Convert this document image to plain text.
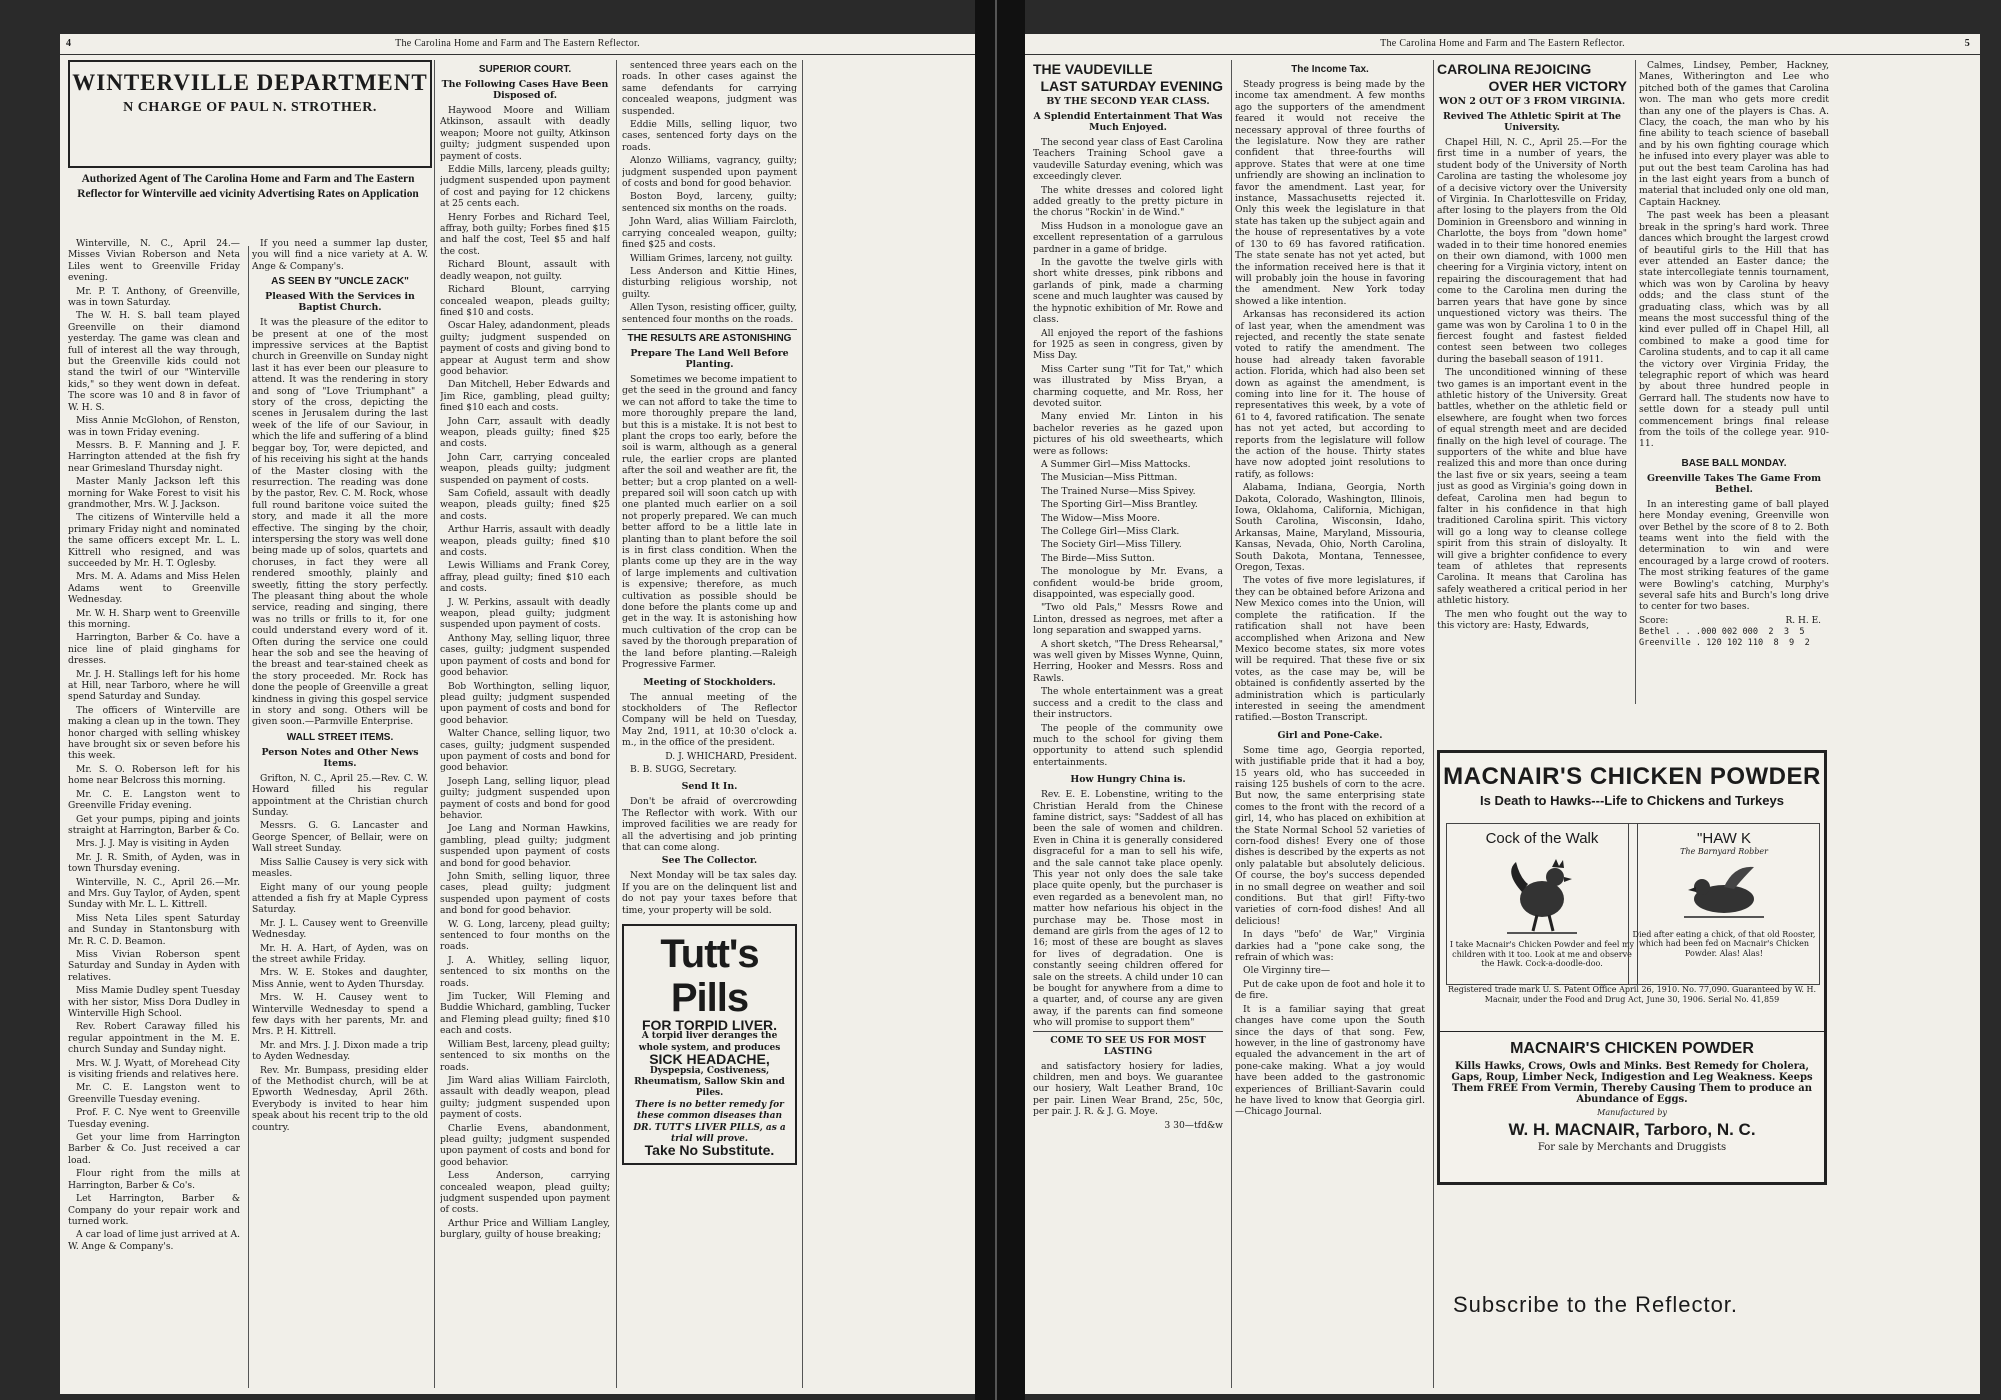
4	The Carolina Home and Farm and The Eastern Reflector.
WINTERVILLE DEPARTMENT
N CHARGE OF PAUL N. STROTHER.
Authorized Agent of The Carolina Home and Farm and The Eastern Reflector for Winterville aed vicinity Advertising Rates on Application

Winterville, N. C., April 24.—Misses Vivian Roberson and Neta Liles went to Greenville Friday evening.

Mr. P. T. Anthony, of Greenville, was in town Saturday.

The W. H. S. ball team played Greenville on their diamond yesterday. The game was clean and full of interest all the way through, but the Greenville kids could not stand the twirl of our "Winterville kids," so they went down in defeat. The score was 10 and 8 in favor of W. H. S.

Miss Annie McGlohon, of Renston, was in town Friday evening.

Messrs. B. F. Manning and J. F. Harrington attended at the fish fry near Grimesland Thursday night.

Master Manly Jackson left this morning for Wake Forest to visit his grandmother, Mrs. W. J. Jackson.

The citizens of Winterville held a primary Friday night and nominated the same officers except Mr. L. L. Kittrell who resigned, and was succeeded by Mr. H. T. Oglesby.

Mrs. M. A. Adams and Miss Helen Adams went to Greenville Wednesday.

Mr. W. H. Sharp went to Greenville this morning.

Harrington, Barber & Co. have a nice line of plaid ginghams for dresses.

Mr. J. H. Stallings left for his home at Hill, near Tarboro, where he will spend Saturday and Sunday.

The officers of Winterville are making a clean up in the town. They honor charged with selling whiskey have brought six or seven before his this week.

Mr. S. O. Roberson left for his home near Belcross this morning.

Mr. C. E. Langston went to Greenville Friday evening.

Get your pumps, piping and joints straight at Harrington, Barber & Co.

Mrs. J. J. May is visiting in Ayden

Mr. J. R. Smith, of Ayden, was in town Thursday evening.

Winterville, N. C., April 26.—Mr. and Mrs. Guy Taylor, of Ayden, spent Sunday with Mr. L. L. Kittrell.

Miss Neta Liles spent Saturday and Sunday in Stantonsburg with Mr. R. C. D. Beamon.

Miss Vivian Roberson spent Saturday and Sunday in Ayden with relatives.

Miss Mamie Dudley spent Tuesday with her sistor, Miss Dora Dudley in Winterville High School.

Rev. Robert Caraway filled his regular appointment in the M. E. church Sunday and Sunday night.

Mrs. W. J. Wyatt, of Morehead City is visiting friends and relatives here.

Mr. C. E. Langston went to Greenville Tuesday evening.

Prof. F. C. Nye went to Greenville Tuesday evening.

Get your lime from Harrington Barber & Co. Just received a car load.

Flour right from the mills at Harrington, Barber & Co's.

Let Harrington, Barber & Company do your repair work and turned work.

A car load of lime just arrived at A. W. Ange & Company's.

If you need a summer lap duster, you will find a nice variety at A. W. Ange & Company's.

AS SEEN BY "UNCLE ZACK"
Pleased With the Services in Baptist Church.

It was the pleasure of the editor to be present at one of the most impressive services at the Baptist church in Greenville on Sunday night last it has ever been our pleasure to attend. It was the rendering in story and song of "Love Triumphant" a story of the cross, depicting the scenes in Jerusalem during the last week of the life of our Saviour, in which the life and suffering of a blind beggar boy, Tor, were depicted, and of his receiving his sight at the hands of the Master closing with the resurrection. The reading was done by the pastor, Rev. C. M. Rock, whose full round baritone voice suited the story, and made it all the more effective. The singing by the choir, interspersing the story was well done being made up of solos, quartets and choruses, in fact they were all rendered smoothly, plainly and sweetly, fitting the story perfectly. The pleasant thing about the whole service, reading and singing, there was no trills or frills to it, for one could understand every word of it. Often during the service one could hear the sob and see the heaving of the breast and tear-stained cheek as the story proceeded. Mr. Rock has done the people of Greenville a great kindness in giving this gospel service in story and song. Others will be given soon.—Parmville Enterprise.

WALL STREET ITEMS.
Person Notes and Other News Items.

Grifton, N. C., April 25.—Rev. C. W. Howard filled his regular appointment at the Christian church Sunday.

Messrs. G. G. Lancaster and George Spencer, of Bellair, were on Wall street Sunday.

Miss Sallie Causey is very sick with measles.

Eight many of our young people attended a fish fry at Maple Cypress Saturday.

Mr. J. L. Causey went to Greenville Wednesday.

Mr. H. A. Hart, of Ayden, was on the street awhile Friday.

Mrs. W. E. Stokes and daughter, Miss Annie, went to Ayden Thursday.

Mrs. W. H. Causey went to Winterville Wednesday to spend a few days with her parents, Mr. and Mrs. P. H. Kittrell.

Mr. and Mrs. J. J. Dixon made a trip to Ayden Wednesday.

Rev. Mr. Bumpass, presiding elder of the Methodist church, will be at Epworth Wednesday, April 26th. Everybody is invited to hear him speak about his recent trip to the old country.

SUPERIOR COURT.
The Following Cases Have Been Disposed of.

Haywood Moore and William Atkinson, assault with deadly weapon; Moore not guilty, Atkinson guilty; judgment suspended upon payment of costs.

Eddie Mills, larceny, pleads guilty; judgment suspended upon payment of cost and paying for 12 chickens at 25 cents each.

Henry Forbes and Richard Teel, affray, both guilty; Forbes fined $15 and half the cost, Teel $5 and half the cost.

Richard Blount, assault with deadly weapon, not guilty.

Richard Blount, carrying concealed weapon, pleads guilty; fined $10 and costs.

Oscar Haley, adandonment, pleads guilty; judgment suspended on payment of costs and giving bond to appear at August term and show good behavior.

Dan Mitchell, Heber Edwards and Jim Rice, gambling, plead guilty; fined $10 each and costs.

John Carr, assault with deadly weapon, pleads guilty; fined $25 and costs.

John Carr, carrying concealed weapon, pleads guilty; judgment suspended on payment of costs.

Sam Cofield, assault with deadly weapon, pleads guilty; fined $25 and costs.

Arthur Harris, assault with deadly weapon, pleads guilty; fined $10 and costs.

Lewis Williams and Frank Corey, affray, plead guilty; fined $10 each and costs.

J. W. Perkins, assault with deadly weapon, plead guilty; judgment suspended upon payment of costs.

Anthony May, selling liquor, three cases, guilty; judgment suspended upon payment of costs and bond for good behavior.

Bob Worthington, selling liquor, plead guilty; judgment suspended upon payment of costs and bond for good behavior.

Walter Chance, selling liquor, two cases, guilty; judgment suspended upon payment of costs and bond for good behavior.

Joseph Lang, selling liquor, plead guilty; judgment suspended upon payment of costs and bond for good behavior.

Joe Lang and Norman Hawkins, gambling, plead guilty; judgment suspended upon payment of costs and bond for good behavior.

John Smith, selling liquor, three cases, plead guilty; judgment suspended upon payment of costs and bond for good behavior.

W. G. Long, larceny, plead guilty; sentenced to four months on the roads.

J. A. Whitley, selling liquor, sentenced to six months on the roads.

Jim Tucker, Will Fleming and Buddie Whichard, gambling, Tucker and Fleming plead guilty; fined $10 each and costs.

William Best, larceny, plead guilty; sentenced to six months on the roads.

Jim Ward alias William Faircloth, assault with deadly weapon, plead guilty; judgment suspended upon payment of costs.

Charlie Evens, abandonment, plead guilty; judgment suspended upon payment of costs and bond for good behavior.

Less Anderson, carrying concealed weapon, plead guilty; judgment suspended upon payment of costs.

Arthur Price and William Langley, burglary, guilty of house breaking;

sentenced three years each on the roads. In other cases against the same defendants for carrying concealed weapons, judgment was suspended.

Eddie Mills, selling liquor, two cases, sentenced forty days on the roads.

Alonzo Williams, vagrancy, guilty; judgment suspended upon payment of costs and bond for good behavior.

Boston Boyd, larceny, guilty; sentenced six months on the roads.

John Ward, alias William Faircloth, carrying concealed weapon, guilty; fined $25 and costs.

William Grimes, larceny, not guilty.

Less Anderson and Kittie Hines, disturbing religious worship, not guilty.

Allen Tyson, resisting officer, guilty, sentenced four months on the roads.

THE RESULTS ARE ASTONISHING
Prepare The Land Well Before Planting.

Sometimes we become impatient to get the seed in the ground and fancy we can not afford to take the time to more thoroughly prepare the land, but this is a mistake. It is not best to plant the crops too early, before the soil is warm, although as a general rule, the earlier crops are planted after the soil and weather are fit, the better; but a crop planted on a well-prepared soil will soon catch up with one planted much earlier on a soil not properly prepared. We can much better afford to be a little late in planting than to plant before the soil is in first class condition. When the plants come up they are in the way of large implements and cultivation is expensive; therefore, as much cultivation as possible should be done before the plants come up and get in the way. It is astonishing how much cultivation of the crop can be saved by the thorough preparation of the land before planting.—Raleigh Progressive Farmer.

Meeting of Stockholders.

The annual meeting of the stockholders of The Reflector Company will be held on Tuesday, May 2nd, 1911, at 10:30 o'clock a. m., in the office of the president.

D. J. WHICHARD, President.

B. B. SUGG, Secretary.

Send It In.

Don't be afraid of overcrowding The Reflector with work. With our improved facilities we are ready for all the advertising and job printing that can come along.

See The Collector.

Next Monday will be tax sales day. If you are on the delinquent list and do not pay your taxes before that time, your property will be sold.

Tutt's Pills
FOR TORPID LIVER.
A torpid liver deranges the whole system, and produces
SICK HEADACHE,
Dyspepsia, Costiveness, Rheumatism, Sallow Skin and Piles.
There is no better remedy for these common diseases than DR. TUTT'S LIVER PILLS, as a trial will prove.
Take No Substitute.
The Carolina Home and Farm and The Eastern Reflector.	5
THE VAUDEVILLE
LAST SATURDAY EVENING
BY THE SECOND YEAR CLASS.
A Splendid Entertainment That Was Much Enjoyed.

The second year class of East Carolina Teachers Training School gave a vaudeville Saturday evening, which was exceedingly clever.

The white dresses and colored light added greatly to the pretty picture in the chorus "Rockin' in de Wind."

Miss Hudson in a monologue gave an excellent representation of a garrulous pardner in a game of bridge.

In the gavotte the twelve girls with short white dresses, pink ribbons and garlands of pink, made a charming scene and much laughter was caused by the hypnotic exhibition of Mr. Rowe and class.

All enjoyed the report of the fashions for 1925 as seen in congress, given by Miss Day.

Miss Carter sung "Tit for Tat," which was illustrated by Miss Bryan, a charming coquette, and Mr. Ross, her devoted suitor.

Many envied Mr. Linton in his bachelor reveries as he gazed upon pictures of his old sweethearts, which were as follows:

A Summer Girl—Miss Mattocks.

The Musician—Miss Pittman.

The Trained Nurse—Miss Spivey.

The Sporting Girl—Miss Brantley.

The Widow—Miss Moore.

The College Girl—Miss Clark.

The Society Girl—Miss Tillery.

The Birde—Miss Sutton.

The monologue by Mr. Evans, a confident would-be bride groom, disappointed, was especially good.

"Two old Pals," Messrs Rowe and Linton, dressed as negroes, met after a long separation and swapped yarns.

A short sketch, "The Dress Rehearsal," was well given by Misses Wynne, Quinn, Herring, Hooker and Messrs. Ross and Rawls.

The whole entertainment was a great success and a credit to the class and their instructors.

The people of the community owe much to the school for giving them opportunity to attend such splendid entertainments.

How Hungry China is.

Rev. E. E. Lobenstine, writing to the Christian Herald from the Chinese famine district, says: "Saddest of all has been the sale of women and children. Even in China it is generally considered disgraceful for a man to sell his wife, and the sale cannot take place openly. This year not only does the sale take place quite openly, but the purchaser is even regarded as a benevolent man, no matter how nefarious his object in the purchase may be. Those most in demand are girls from the ages of 12 to 16; most of these are bought as slaves for lives of degradation. One is constantly seeing children offered for sale on the streets. A child under 10 can be bought for anywhere from a dime to a quarter, and, of course any are given away, if the parents can find someone who will promise to support them"

COME TO SEE US FOR MOST LASTING

and satisfactory hosiery for ladies, children, men and boys. We guarantee our hosiery, Walt Leather Brand, 10c per pair. Linen Wear Brand, 25c, 50c, per pair. J. R. & J. G. Moye.

3 30—tfd&w

The Income Tax.

Steady progress is being made by the income tax amendment. A few months ago the supporters of the amendment feared it would not receive the necessary approval of three fourths of the legislature. Now they are rather confident that three-fourths will approve. States that were at one time unfriendly are showing an inclination to favor the amendment. Last year, for instance, Massachusetts rejected it. Only this week the legislature in that state has taken up the subject again and the house of representatives by a vote of 130 to 69 has favored ratification. The state senate has not yet acted, but the information received here is that it will probably join the house in favoring the amendment. New York today showed a like intention.

Arkansas has reconsidered its action of last year, when the amendment was rejected, and recently the state senate voted to ratify the amendment. The house had already taken favorable action. Florida, which had also been set down as against the amendment, is coming into line for it. The house of representatives this week, by a vote of 61 to 4, favored ratification. The senate has not yet acted, but according to reports from the legislature will follow the action of the house. Thirty states have now adopted joint resolutions to ratify, as follows:

Alabama, Indiana, Georgia, North Dakota, Colorado, Washington, Illinois, Iowa, Oklahoma, California, Michigan, South Carolina, Wisconsin, Idaho, Arkansas, Maine, Maryland, Missouria, Kansas, Nevada, Ohio, North Carolina, South Dakota, Montana, Tennessee, Oregon, Texas.

The votes of five more legislatures, if they can be obtained before Arizona and New Mexico comes into the Union, will complete the ratification. If the ratification shall not have been accomplished when Arizona and New Mexico become states, six more votes will be required. That these five or six votes, as the case may be, will be obtained is confidently asserted by the administration which is particularly interested in seeing the amendment ratified.—Boston Transcript.

Girl and Pone-Cake.

Some time ago, Georgia reported, with justifiable pride that it had a boy, 15 years old, who has succeeded in raising 125 bushels of corn to the acre. But now, the same enterprising state comes to the front with the record of a girl, 14, who has placed on exhibition at the State Normal School 52 varieties of corn-food dishes! Every one of those dishes is described by the experts as not only palatable but absolutely delicious. Of course, the boy's success depended in no small degree on weather and soil conditions. But that girl! Fifty-two varieties of corn-food dishes! And all delicious!

In days "befo' de War," Virginia darkies had a "pone cake song, the refrain of which was:

Ole Virginny tire—

Put de cake upon de foot and hole it to de fire.

It is a familiar saying that great changes have come upon the South since the days of that song. Few, however, in the line of gastronomy have equaled the advancement in the art of pone-cake making. What a joy would have been added to the gastronomic experiences of Brilliant-Savarin could he have lived to know that Georgia girl.—Chicago Journal.

CAROLINA REJOICING
OVER HER VICTORY
WON 2 OUT OF 3 FROM VIRGINIA.
Revived The Athletic Spirit at The University.

Chapel Hill, N. C., April 25.—For the first time in a number of years, the student body of the University of North Carolina are tasting the wholesome joy of a decisive victory over the University of Virginia. In Charlottesville on Friday, after losing to the players from the Old Dominion in Greensboro and winning in Charlotte, the boys from "down home" waded in to their time honored enemies on their own diamond, with 1000 men cheering for a Virginia victory, intent on repairing the discouragement that had come to the Carolina men during the barren years that have gone by since unquestioned victory was theirs. The game was won by Carolina 1 to 0 in the fiercest fought and fastest fielded contest seen between two colleges during the baseball season of 1911.

The unconditioned winning of these two games is an important event in the athletic history of the University. Great battles, whether on the athletic field or elsewhere, are fought when two forces of equal strength meet and are decided finally on the high level of courage. The supporters of the white and blue have realized this and more than once during the last five or six years, seeing a team just as good as Virginia's going down in defeat, Carolina men had begun to falter in his confidence in that high traditioned Carolina spirit. This victory will go a long way to cleanse college spirit from this strain of disloyalty. It will give a brighter confidence to every team of athletes that represents Carolina. It means that Carolina has safely weathered a critical period in her athletic history.

The men who fought out the way to this victory are: Hasty, Edwards,

Calmes, Lindsey, Pember, Hackney, Manes, Witherington and Lee who pitched both of the games that Carolina won. The man who gets more credit than any one of the players is Chas. A. Clacy, the coach, the man who by his fine ability to teach science of baseball and by his own fighting courage which he infused into every player was able to put out the best team Carolina has had in the last eight years from a bunch of material that included only one old man, Captain Hackney.

The past week has been a pleasant break in the spring's hard work. Three dances which brought the largest crowd of beautiful girls to the Hill that has ever attended an Easter dance; the state intercollegiate tennis tournament, which was won by Carolina by heavy odds; and the class stunt of the graduating class, which was by all means the most successful thing of the kind ever pulled off in Chapel Hill, all combined to make a good time for Carolina students, and to cap it all came the victory over Virginia Friday, the telegraphic report of which was heard by about three hundred people in Gerrard hall. The students now have to settle down for a steady pull until commencement brings final release from the toils of the college year. 910-11.

BASE BALL MONDAY.
Greenville Takes The Game From Bethel.

In an interesting game of ball played here Monday evening, Greenville won over Bethel by the score of 8 to 2. Both teams went into the field with the determination to win and were encouraged by a large crowd of rooters. The most striking features of the game were Bowling's catching, Murphy's several safe hits and Burch's long drive to center for two bases.

Score:	R. H. E.
Bethel . . .000 002 000  2  3  5
Greenville . 120 102 110  8  9  2
MACNAIR'S CHICKEN POWDER
Is Death to Hawks---Life to Chickens and Turkeys
Cock of the Walk
I take Macnair's Chicken Powder and feel my children with it too. Look at me and observe the Hawk. Cock-a-doodle-doo.
"HAW K
The Barnyard Robber
Died after eating a chick, of that old Rooster, which had been fed on Macnair's Chicken Powder. Alas! Alas!
Registered trade mark U. S. Patent Office April 26, 1910. No. 77,090. Guaranteed by W. H. Macnair, under the Food and Drug Act, June 30, 1906. Serial No. 41,859
MACNAIR'S CHICKEN POWDER
Kills Hawks, Crows, Owls and Minks. Best Remedy for Cholera, Gaps, Roup, Limber Neck, Indigestion and Leg Weakness. Keeps Them FREE From Vermin, Thereby Causing Them to produce an Abundance of Eggs.
Manufactured by
W. H. MACNAIR, Tarboro, N. C.
For sale by Merchants and Druggists
Subscribe to the Reflector.
